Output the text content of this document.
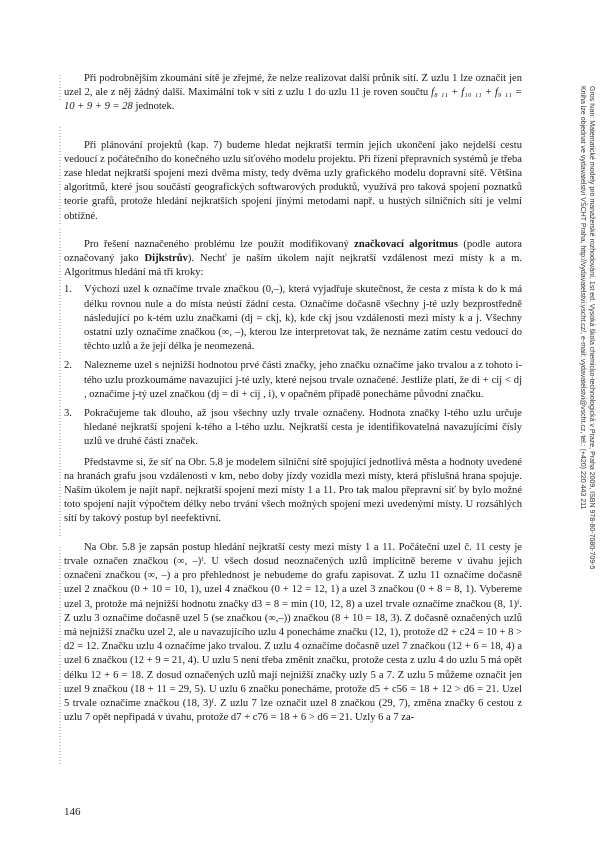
Při podrobnějším zkoumání sítě je zřejmé, že nelze realizovat další průnik sítí. Z uzlu 1 lze označit jen uzel 2, ale z něj žádný další. Maximální tok v síti z uzlu 1 do uzlu 11 je roven součtu f₈ ₁₁ + f₁₀ ₁₁ + f₉ ₁₁ = 10 + 9 + 9 = 28 jednotek.

Při plánování projektů (kap. 7) budeme hledat nejkratší termín jejich ukončení jako nejdelší cestu vedoucí z počátečního do konečného uzlu síťového modelu projektu. Při řízení přepravních systémů je třeba zase hledat nejkratší spojení mezi dvěma místy, tedy dvěma uzly grafického modelu dopravní sítě. Většina algoritmů, které jsou součástí geografických softwarových produktů, využívá pro taková spojení poznatků teorie grafů, protože hledání nejkratších spojení jinými metodami např. u hustých silničních sítí je velmi obtížné.

Pro řešení naznačeného problému lze použít modifikovaný značkovací algoritmus (podle autora označovaný jako Dijkstrův). Nechť je naším úkolem najít nejkratší vzdálenost mezi místy k a m. Algoritmus hledání má tři kroky:

1. Výchozí uzel k označíme trvale značkou (0,–), která vyjadřuje skutečnost, že cesta z místa k do k má délku rovnou nule a do místa neústí žádní cesta. Označíme dočasně všechny j-té uzly bezprostředně následující po k-tém uzlu značkami (dj = ckj, k), kde ckj jsou vzdálenosti mezi místy k a j. Všechny ostatní uzly označíme značkou (∞, –), kterou lze interpretovat tak, že neznáme zatím cestu vedoucí do těchto uzlů a že její délka je neomezená.
2. Nalezneme uzel s nejnižší hodnotou prvé části značky, jeho značku označíme jako trvalou a z tohoto i-tého uzlu prozkoumáme navazující j-té uzly, které nejsou trvale označené. Jestliže platí, že di + cij < dj , označíme j-tý uzel značkou (dj = di + cij , i), v opačném případě ponecháme původní značku.
3. Pokračujeme tak dlouho, až jsou všechny uzly trvale označeny. Hodnota značky l-tého uzlu určuje hledané nejkratší spojení k-tého a l-tého uzlu. Nejkratší cesta je identifikovatelná navazujícími čísly uzlů ve druhé části značek.

Představme si, že síť na Obr. 5.8 je modelem silniční sítě spojující jednotlivá města a hodnoty uvedené na hranách grafu jsou vzdálenosti v km, nebo doby jízdy vozidla mezi místy, která příslušná hrana spojuje. Naším úkolem je najít např. nejkratší spojení mezi místy 1 a 11. Pro tak malou přepravní síť by bylo možné toto spojení najít výpočtem délky nebo trvání všech možných spojení mezi uvedenými místy. U rozsáhlých sítí by takový postup byl neefektivní.

Na Obr. 5.8 je zapsán postup hledání nejkratší cesty mezi místy 1 a 11. Počáteční uzel č. 11 cesty je trvale označen značkou (∞, –)ᶠ. U všech dosud neoznačených uzlů implicitně bereme v úvahu jejich označení značkou (∞, –) a pro přehlednost je nebudeme do grafu zapisovat. Z uzlu 11 označíme dočasně uzel 2 značkou (0 + 10 = 10, 1), uzel 4 značkou (0 + 12 = 12, 1) a uzel 3 značkou (0 + 8 = 8, 1). Vybereme uzel 3, protože má nejnižší hodnotu značky d3 = 8 = min (10, 12, 8) a uzel trvale označíme značkou (8, 1)ᶠ. Z uzlu 3 označíme dočasně uzel 5 (se značkou (∞,–)) značkou (8 + 10 = 18, 3). Z dočasně označených uzlů má nejnižší značku uzel 2, ale u navazujícího uzlu 4 ponecháme značku (12, 1), protože d2 + c24 = 10 + 8 > d2 = 12. Značku uzlu 4 označíme jako trvalou. Z uzlu 4 označíme dočasně uzel 7 značkou (12 + 6 = 18, 4) a uzel 6 značkou (12 + 9 = 21, 4). U uzlu 5 není třeba změnit značku, protože cesta z uzlu 4 do uzlu 5 má opět délku 12 + 6 = 18. Z dosud označených uzlů mají nejnižší značky uzly 5 a 7. Z uzlu 5 můžeme označit jen uzel 9 značkou (18 + 11 = 29, 5). U uzlu 6 značku ponecháme, protože d5 + c56 = 18 + 12 > d6 = 21. Uzel 5 trvale označíme značkou (18, 3)ᶠ. Z uzlu 7 lze označit uzel 8 značkou (29, 7), změna značky 6 cestou z uzlu 7 opět nepřipadá v úvahu, protože d7 + c76 = 18 + 6 > d6 = 21. Uzly 6 a 7 za-

Gros Ivan: Matematické modely pro manažerské rozhodování, 1st ed. Vysoká škola chemicko-technologická v Praze, Praha 2009, ISBN 978-80-7080-709-5
Kniha lze objednat ve vydavatelství VŠCHT Praha, http://vydavatelstvi.vscht.cz/, e-mail: vydavatelstvi@vscht.cz, tel.: (+420) 220 443 211
146
